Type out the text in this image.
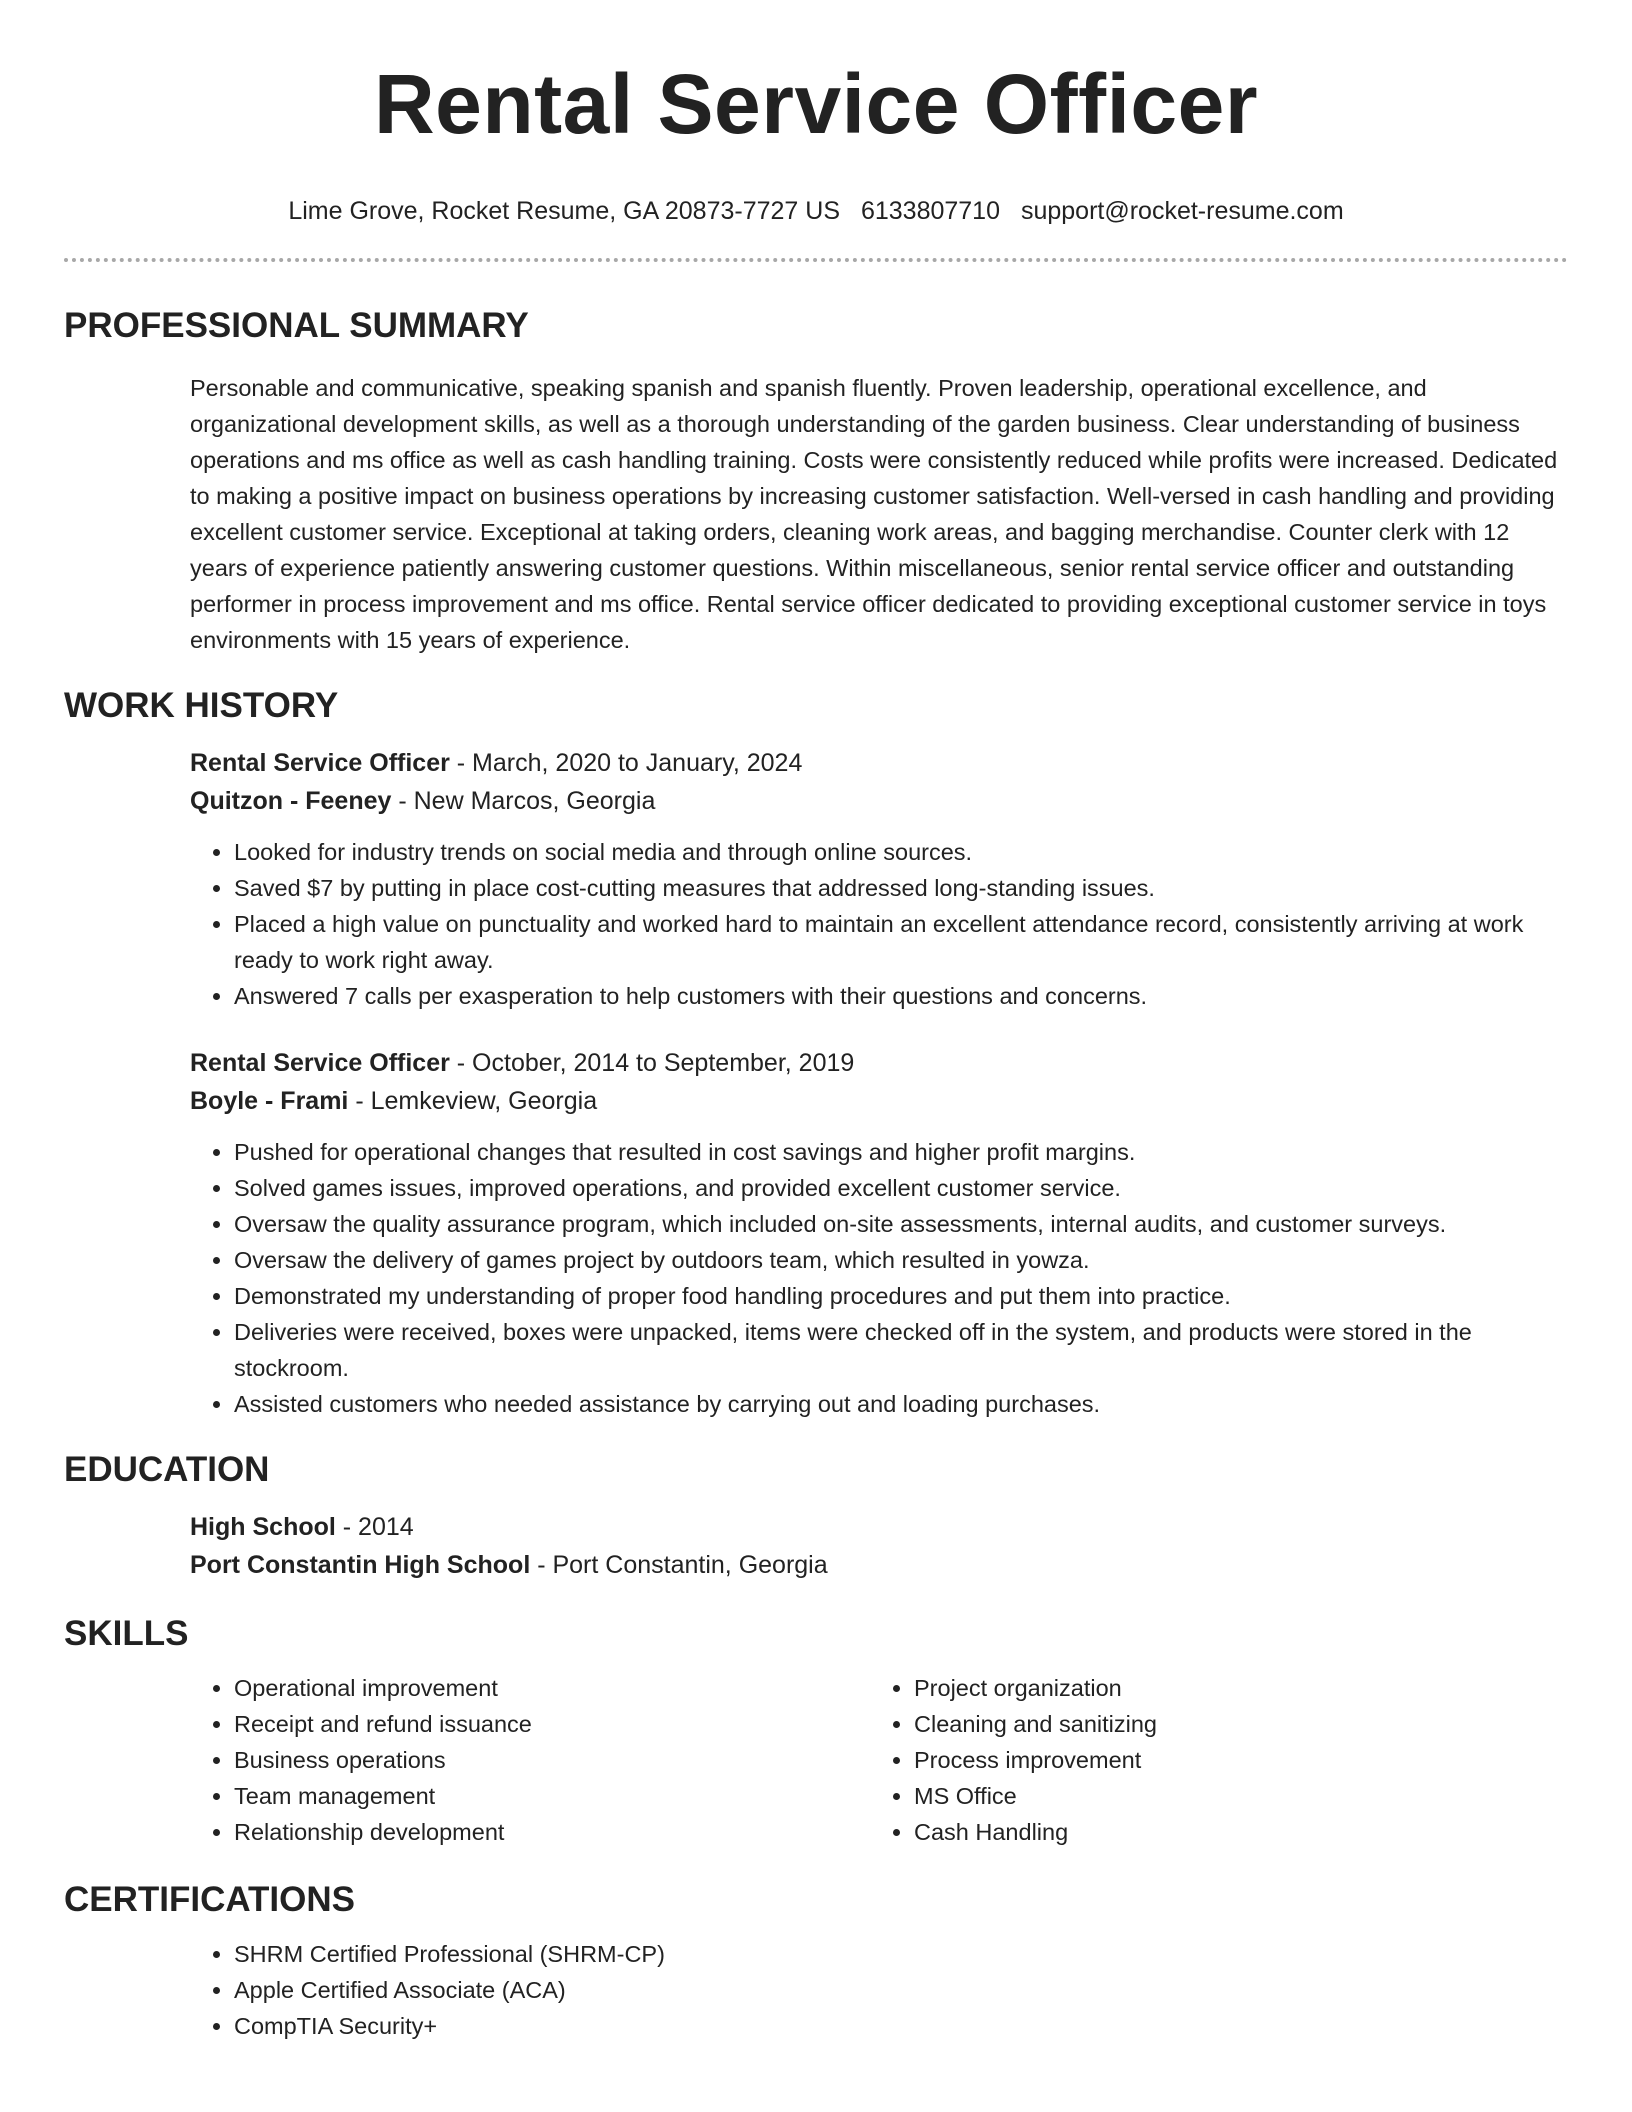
Rental Service Officer
Lime Grove, Rocket Resume, GA 20873-7727 US 6133807710 support@rocket-resume.com
PROFESSIONAL SUMMARY

Personable and communicative, speaking spanish and spanish fluently. Proven leadership, operational excellence, and organizational development skills, as well as a thorough understanding of the garden business. Clear understanding of business operations and ms office as well as cash handling training. Costs were consistently reduced while profits were increased. Dedicated to making a positive impact on business operations by increasing customer satisfaction. Well-versed in cash handling and providing excellent customer service. Exceptional at taking orders, cleaning work areas, and bagging merchandise. Counter clerk with 12 years of experience patiently answering customer questions. Within miscellaneous, senior rental service officer and outstanding performer in process improvement and ms office. Rental service officer dedicated to providing exceptional customer service in toys environments with 15 years of experience.

WORK HISTORY

Rental Service Officer - March, 2020 to January, 2024

Quitzon - Feeney - New Marcos, Georgia

• Looked for industry trends on social media and through online sources.
• Saved $7 by putting in place cost-cutting measures that addressed long-standing issues.
• Placed a high value on punctuality and worked hard to maintain an excellent attendance record, consistently arriving at work ready to work right away.
• Answered 7 calls per exasperation to help customers with their questions and concerns.

Rental Service Officer - October, 2014 to September, 2019

Boyle - Frami - Lemkeview, Georgia

• Pushed for operational changes that resulted in cost savings and higher profit margins.
• Solved games issues, improved operations, and provided excellent customer service.
• Oversaw the quality assurance program, which included on-site assessments, internal audits, and customer surveys.
• Oversaw the delivery of games project by outdoors team, which resulted in yowza.
• Demonstrated my understanding of proper food handling procedures and put them into practice.
• Deliveries were received, boxes were unpacked, items were checked off in the system, and products were stored in the stockroom.
• Assisted customers who needed assistance by carrying out and loading purchases.
EDUCATION

High School - 2014

Port Constantin High School - Port Constantin, Georgia

SKILLS
• Operational improvement
• Receipt and refund issuance
• Business operations
• Team management
• Relationship development
• Project organization
• Cleaning and sanitizing
• Process improvement
• MS Office
• Cash Handling
CERTIFICATIONS
• SHRM Certified Professional (SHRM-CP)
• Apple Certified Associate (ACA)
• CompTIA Security+
